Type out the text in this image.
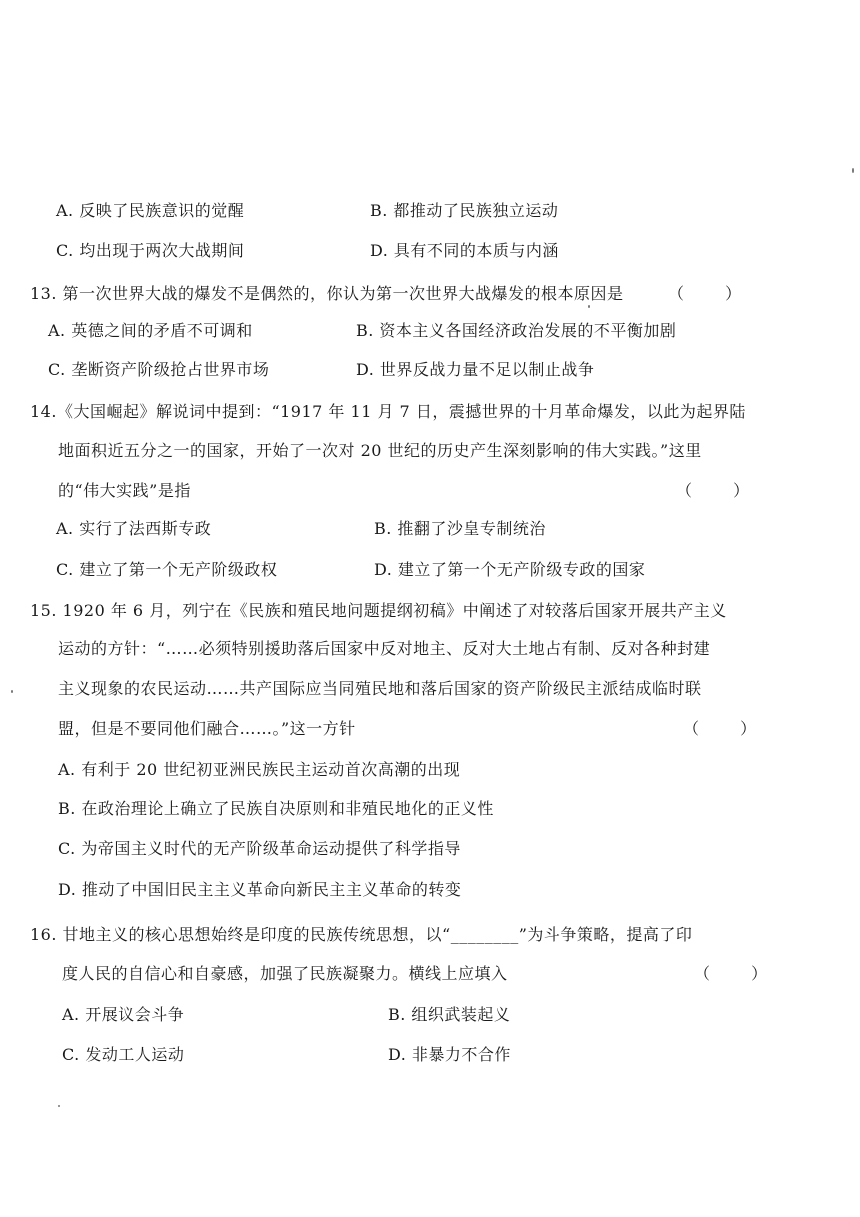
A. 反映了民族意识的觉醒	B. 都推动了民族独立运动
C. 均出现于两次大战期间	D. 具有不同的本质与内涵
13. 第一次世界大战的爆发不是偶然的，你认为第一次世界大战爆发的根本原因是	（ ）
A. 英德之间的矛盾不可调和	B. 资本主义各国经济政治发展的不平衡加剧
C. 垄断资产阶级抢占世界市场	D. 世界反战力量不足以制止战争
14.《大国崛起》解说词中提到：“1917 年 11 月 7 日，震撼世界的十月革命爆发，以此为起界陆
地面积近五分之一的国家，开始了一次对 20 世纪的历史产生深刻影响的伟大实践。”这里
的“伟大实践”是指	（ ）
A. 实行了法西斯专政	B. 推翻了沙皇专制统治
C. 建立了第一个无产阶级政权	D. 建立了第一个无产阶级专政的国家
15. 1920 年 6 月，列宁在《民族和殖民地问题提纲初稿》中阐述了对较落后国家开展共产主义
运动的方针：“……必须特别援助落后国家中反对地主、反对大土地占有制、反对各种封建
主义现象的农民运动……共产国际应当同殖民地和落后国家的资产阶级民主派结成临时联
盟，但是不要同他们融合……。”这一方针	（ ）
A. 有利于 20 世纪初亚洲民族民主运动首次高潮的出现
B. 在政治理论上确立了民族自决原则和非殖民地化的正义性
C. 为帝国主义时代的无产阶级革命运动提供了科学指导
D. 推动了中国旧民主主义革命向新民主主义革命的转变
16. 甘地主义的核心思想始终是印度的民族传统思想，以“________”为斗争策略，提高了印
度人民的自信心和自豪感，加强了民族凝聚力。横线上应填入	（ ）
A. 开展议会斗争	B. 组织武装起义
C. 发动工人运动	D. 非暴力不合作
